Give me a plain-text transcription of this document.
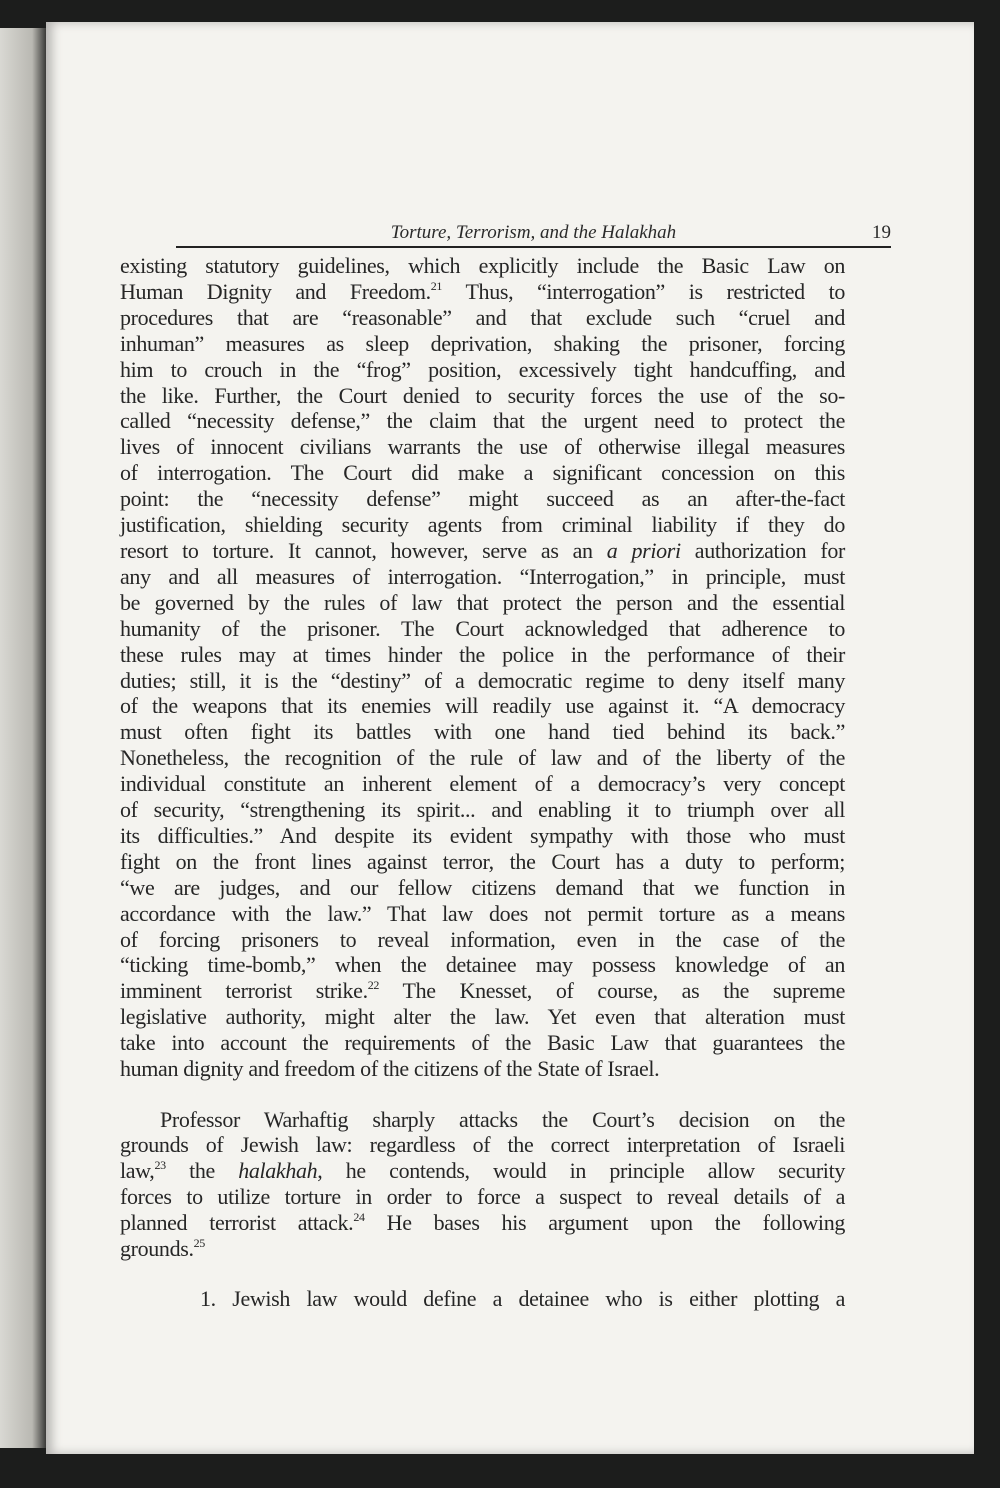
Torture, Terrorism, and the Halakhah	19
existing statutory guidelines, which explicitly include the Basic Law on
Human Dignity and Freedom.$^{21}$ Thus, “interrogation” is restricted to
procedures that are “reasonable” and that exclude such “cruel and
inhuman” measures as sleep deprivation, shaking the prisoner, forcing
him to crouch in the “frog” position, excessively tight handcuffing, and
the like. Further, the Court denied to security forces the use of the so-
called “necessity defense,” the claim that the urgent need to protect the
lives of innocent civilians warrants the use of otherwise illegal measures
of interrogation. The Court did make a significant concession on this
point: the “necessity defense” might succeed as an after-the-fact
justification, shielding security agents from criminal liability if they do
resort to torture. It cannot, however, serve as an a priori authorization for
any and all measures of interrogation. “Interrogation,” in principle, must
be governed by the rules of law that protect the person and the essential
humanity of the prisoner. The Court acknowledged that adherence to
these rules may at times hinder the police in the performance of their
duties; still, it is the “destiny” of a democratic regime to deny itself many
of the weapons that its enemies will readily use against it. “A democracy
must often fight its battles with one hand tied behind its back.”
Nonetheless, the recognition of the rule of law and of the liberty of the
individual constitute an inherent element of a democracy’s very concept
of security, “strengthening its spirit... and enabling it to triumph over all
its difficulties.” And despite its evident sympathy with those who must
fight on the front lines against terror, the Court has a duty to perform;
“we are judges, and our fellow citizens demand that we function in
accordance with the law.” That law does not permit torture as a means
of forcing prisoners to reveal information, even in the case of the
“ticking time-bomb,” when the detainee may possess knowledge of an
imminent terrorist strike.$^{22}$ The Knesset, of course, as the supreme
legislative authority, might alter the law. Yet even that alteration must
take into account the requirements of the Basic Law that guarantees the
human dignity and freedom of the citizens of the State of Israel.
Professor Warhaftig sharply attacks the Court’s decision on the
grounds of Jewish law: regardless of the correct interpretation of Israeli
law,$^{23}$ the halakhah, he contends, would in principle allow security
forces to utilize torture in order to force a suspect to reveal details of a
planned terrorist attack.$^{24}$ He bases his argument upon the following
grounds.$^{25}$
1. Jewish law would define a detainee who is either plotting a
